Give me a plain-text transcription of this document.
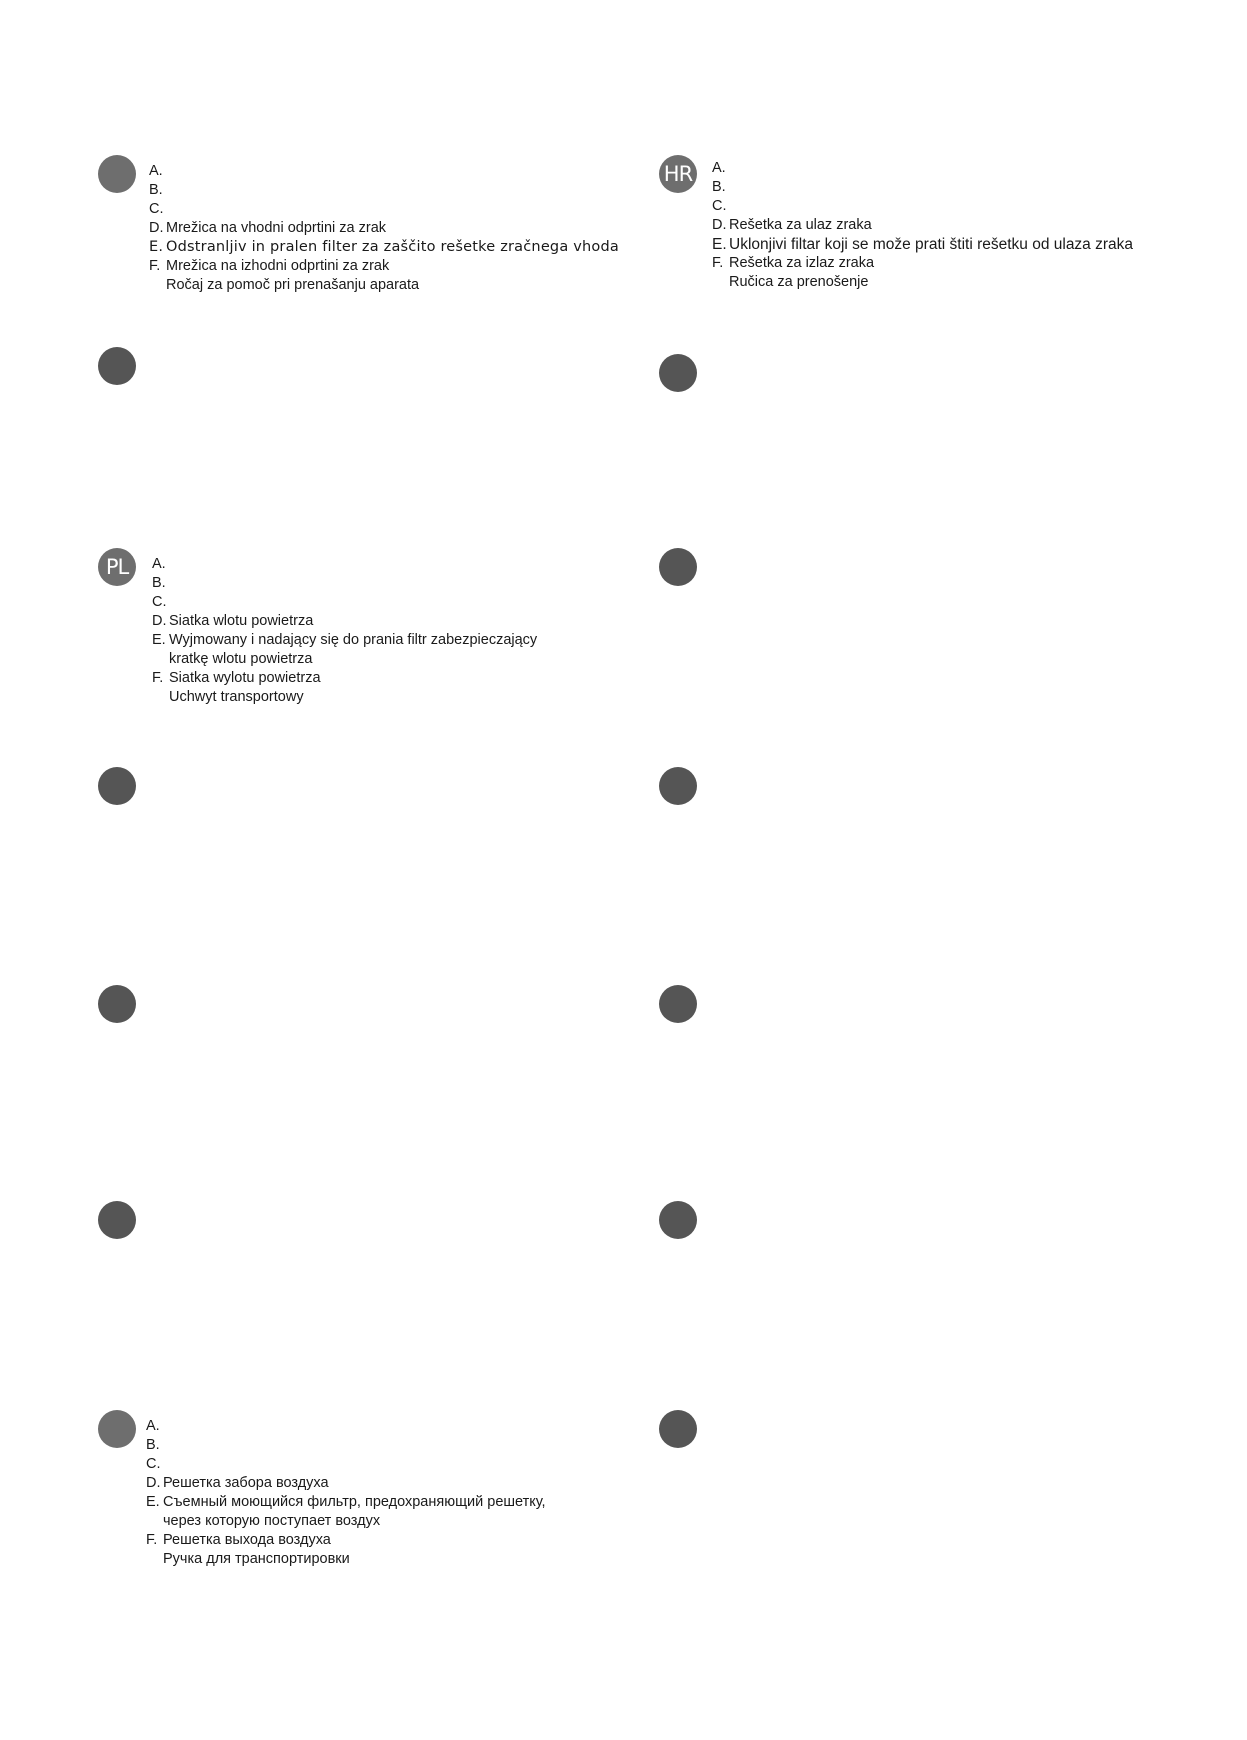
PL
HR
A.
B.
C.
D. Mrežica na vhodni odprtini za zrak
E. Odstranljiv in pralen filter za zaščito rešetke zračnega vhoda
F. Mrežica na izhodni odprtini za zrak
Ročaj za pomoč pri prenašanju aparata
A.
B.
C.
D. Rešetka za ulaz zraka
E. Uklonjivi filtar koji se može prati štiti rešetku od ulaza zraka
F. Rešetka za izlaz zraka
Ručica za prenošenje
A.
B.
C.
D. Siatka wlotu powietrza
E. Wyjmowany i nadający się do prania filtr zabezpieczający
kratkę wlotu powietrza
F. Siatka wylotu powietrza
Uchwyt transportowy
A.
B.
C.
D. Решетка забора воздуха
E. Съемный моющийся фильтр, предохраняющий решетку,
через которую поступает воздух
F. Решетка выхода воздуха
Ручка для транспортировки
